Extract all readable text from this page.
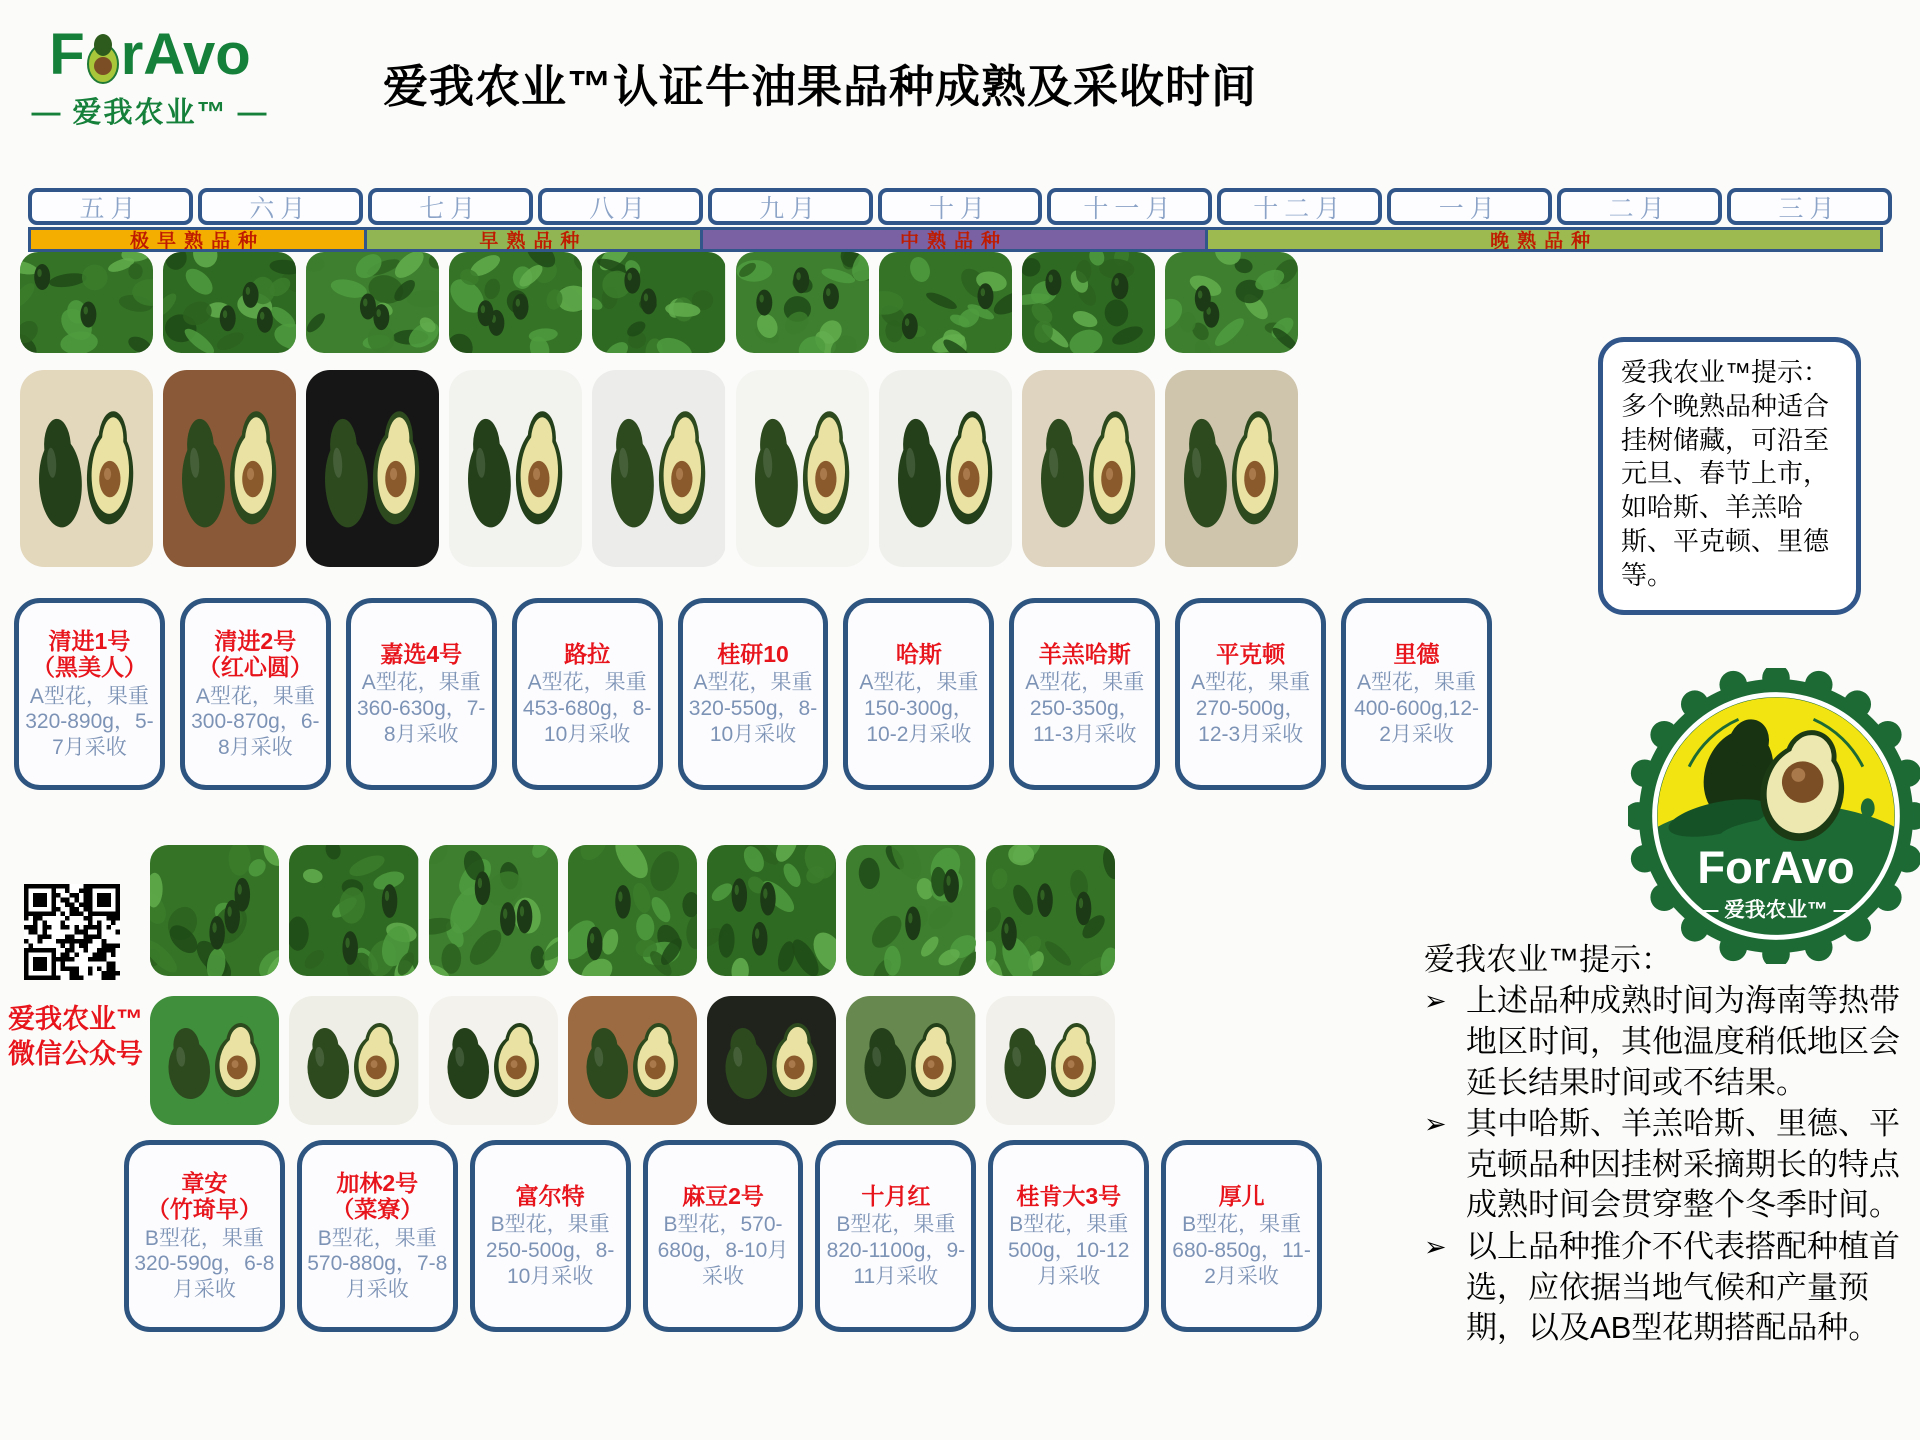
F rAvo
— 爱我农业™ —
爱我农业™认证牛油果品种成熟及采收时间
五月	六月	七月	八月	九月	十月	十一月	十二月	一月	二月	三月
极早熟品种	早熟品种	中熟品种	晚熟品种
清进1号
（黑美人）
A型花，果重320-890g，5-7月采收
清进2号
（红心圆）
A型花，果重300-870g，6-8月采收
嘉选4号
A型花，果重360-630g，7-8月采收
路拉
A型花，果重453-680g，8-10月采收
桂研10
A型花，果重320-550g，8-10月采收
哈斯
A型花，果重150-300g，10-2月采收
羊羔哈斯
A型花，果重250-350g，11-3月采收
平克顿
A型花，果重270-500g，12-3月采收
里德
A型花，果重400-600g,12-2月采收
爱我农业™提示：多个晚熟品种适合挂树储藏，可沿至元旦、春节上市，如哈斯、羊羔哈斯、平克顿、里德等。
ForAvo
— 爱我农业™ —
爱我农业™
微信公众号
章安
（竹琦早）
B型花，果重320-590g，6-8月采收
加林2号
（菜寮）
B型花，果重570-880g，7-8月采收
富尔特
B型花，果重250-500g，8-10月采收
麻豆2号
B型花，570-680g，8-10月采收
十月红
B型花，果重820-1100g，9-11月采收
桂肯大3号
B型花，果重500g，10-12月采收
厚儿
B型花，果重680-850g，11-2月采收
爱我农业™提示：
➢ 上述品种成熟时间为海南等热带地区时间，其他温度稍低地区会延长结果时间或不结果。
➢ 其中哈斯、羊羔哈斯、里德、平克顿品种因挂树采摘期长的特点成熟时间会贯穿整个冬季时间。
➢ 以上品种推介不代表搭配种植首选，应依据当地气候和产量预期，以及AB型花期搭配品种。
